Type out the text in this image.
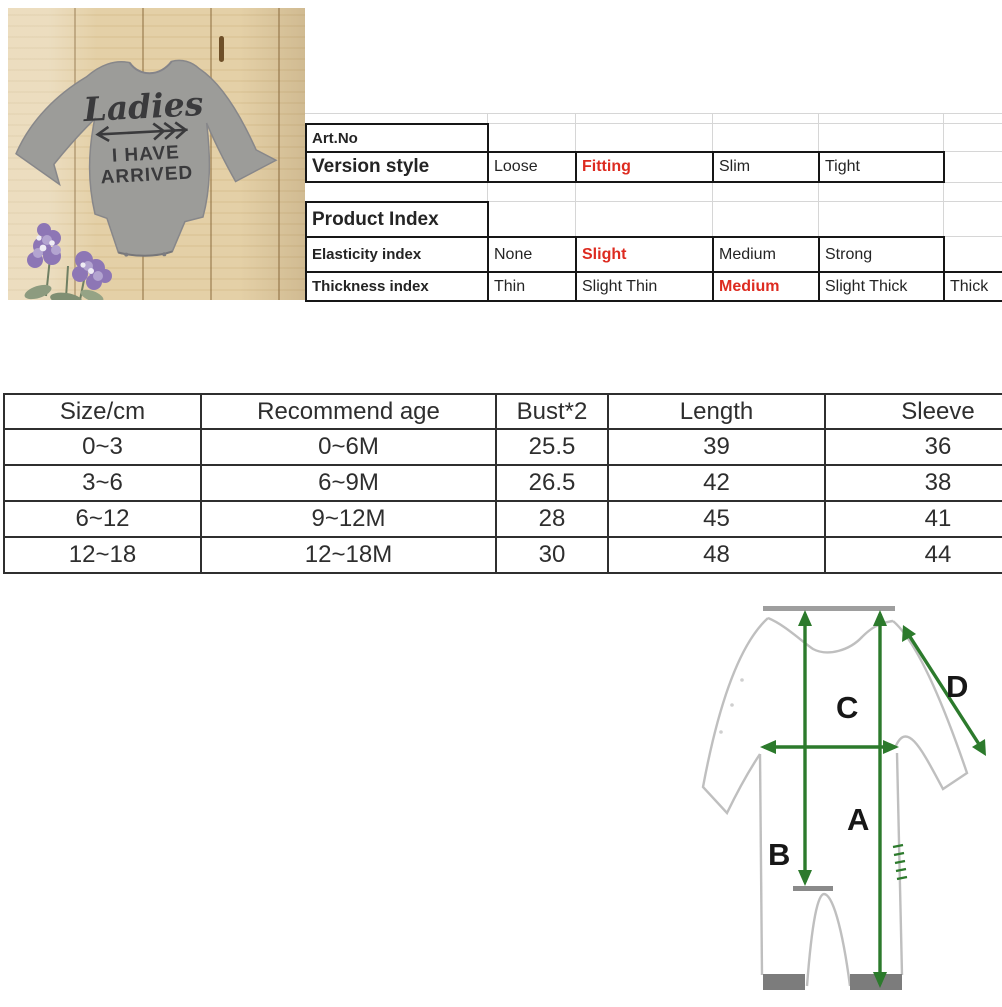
Ladies
I HAVE
ARRIVED
Art.No
Version style	Loose	Fitting	Slim	Tight
Product Index
Elasticity index	None	Slight	Medium	Strong
Thickness index	Thin	Slight Thin	Medium	Slight Thick	Thick
Size/cm	Recommend age	Bust*2	Length	Sleeve
0~3	0~6M	25.5	39	36
3~6	6~9M	26.5	42	38
6~12	9~12M	28	45	41
12~18	12~18M	30	48	44
C
D
A
B
